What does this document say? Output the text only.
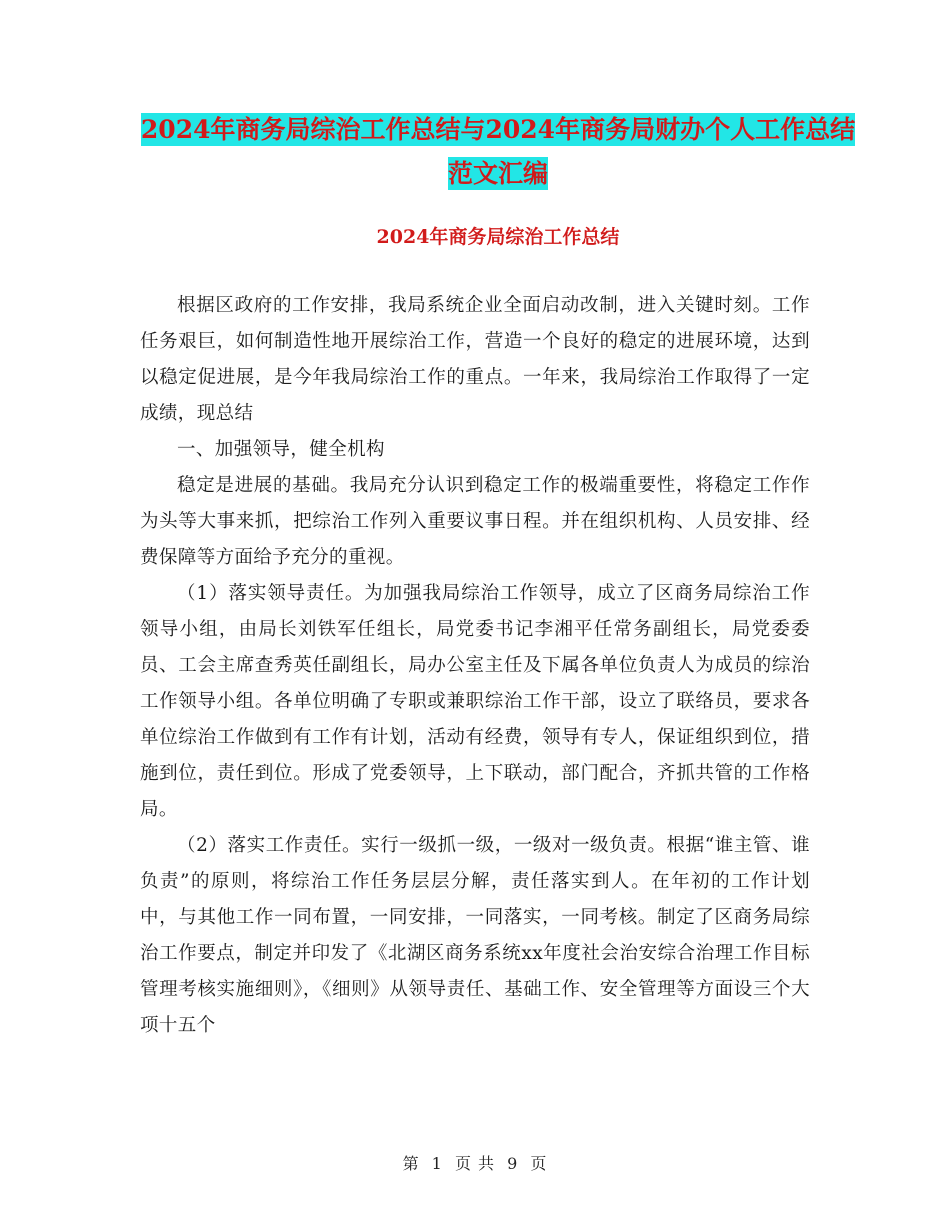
2024年商务局综治工作总结与2024年商务局财办个人工作总结范文汇编
2024年商务局综治工作总结

根据区政府的工作安排，我局系统企业全面启动改制，进入关键时刻。工作任务艰巨，如何制造性地开展综治工作，营造一个良好的稳定的进展环境，达到以稳定促进展，是今年我局综治工作的重点。一年来，我局综治工作取得了一定成绩，现总结

一、加强领导，健全机构

稳定是进展的基础。我局充分认识到稳定工作的极端重要性，将稳定工作作为头等大事来抓，把综治工作列入重要议事日程。并在组织机构、人员安排、经费保障等方面给予充分的重视。

（1）落实领导责任。为加强我局综治工作领导，成立了区商务局综治工作领导小组，由局长刘铁军任组长，局党委书记李湘平任常务副组长，局党委委员、工会主席查秀英任副组长，局办公室主任及下属各单位负责人为成员的综治工作领导小组。各单位明确了专职或兼职综治工作干部，设立了联络员，要求各单位综治工作做到有工作有计划，活动有经费，领导有专人，保证组织到位，措施到位，责任到位。形成了党委领导，上下联动，部门配合，齐抓共管的工作格局。

（2）落实工作责任。实行一级抓一级，一级对一级负责。根据“谁主管、谁负责”的原则，将综治工作任务层层分解，责任落实到人。在年初的工作计划中，与其他工作一同布置，一同安排，一同落实，一同考核。制定了区商务局综治工作要点，制定并印发了《北湖区商务系统xx年度社会治安综合治理工作目标管理考核实施细则》，《细则》从领导责任、基础工作、安全管理等方面设三个大项十五个

第 1 页 共 9 页
